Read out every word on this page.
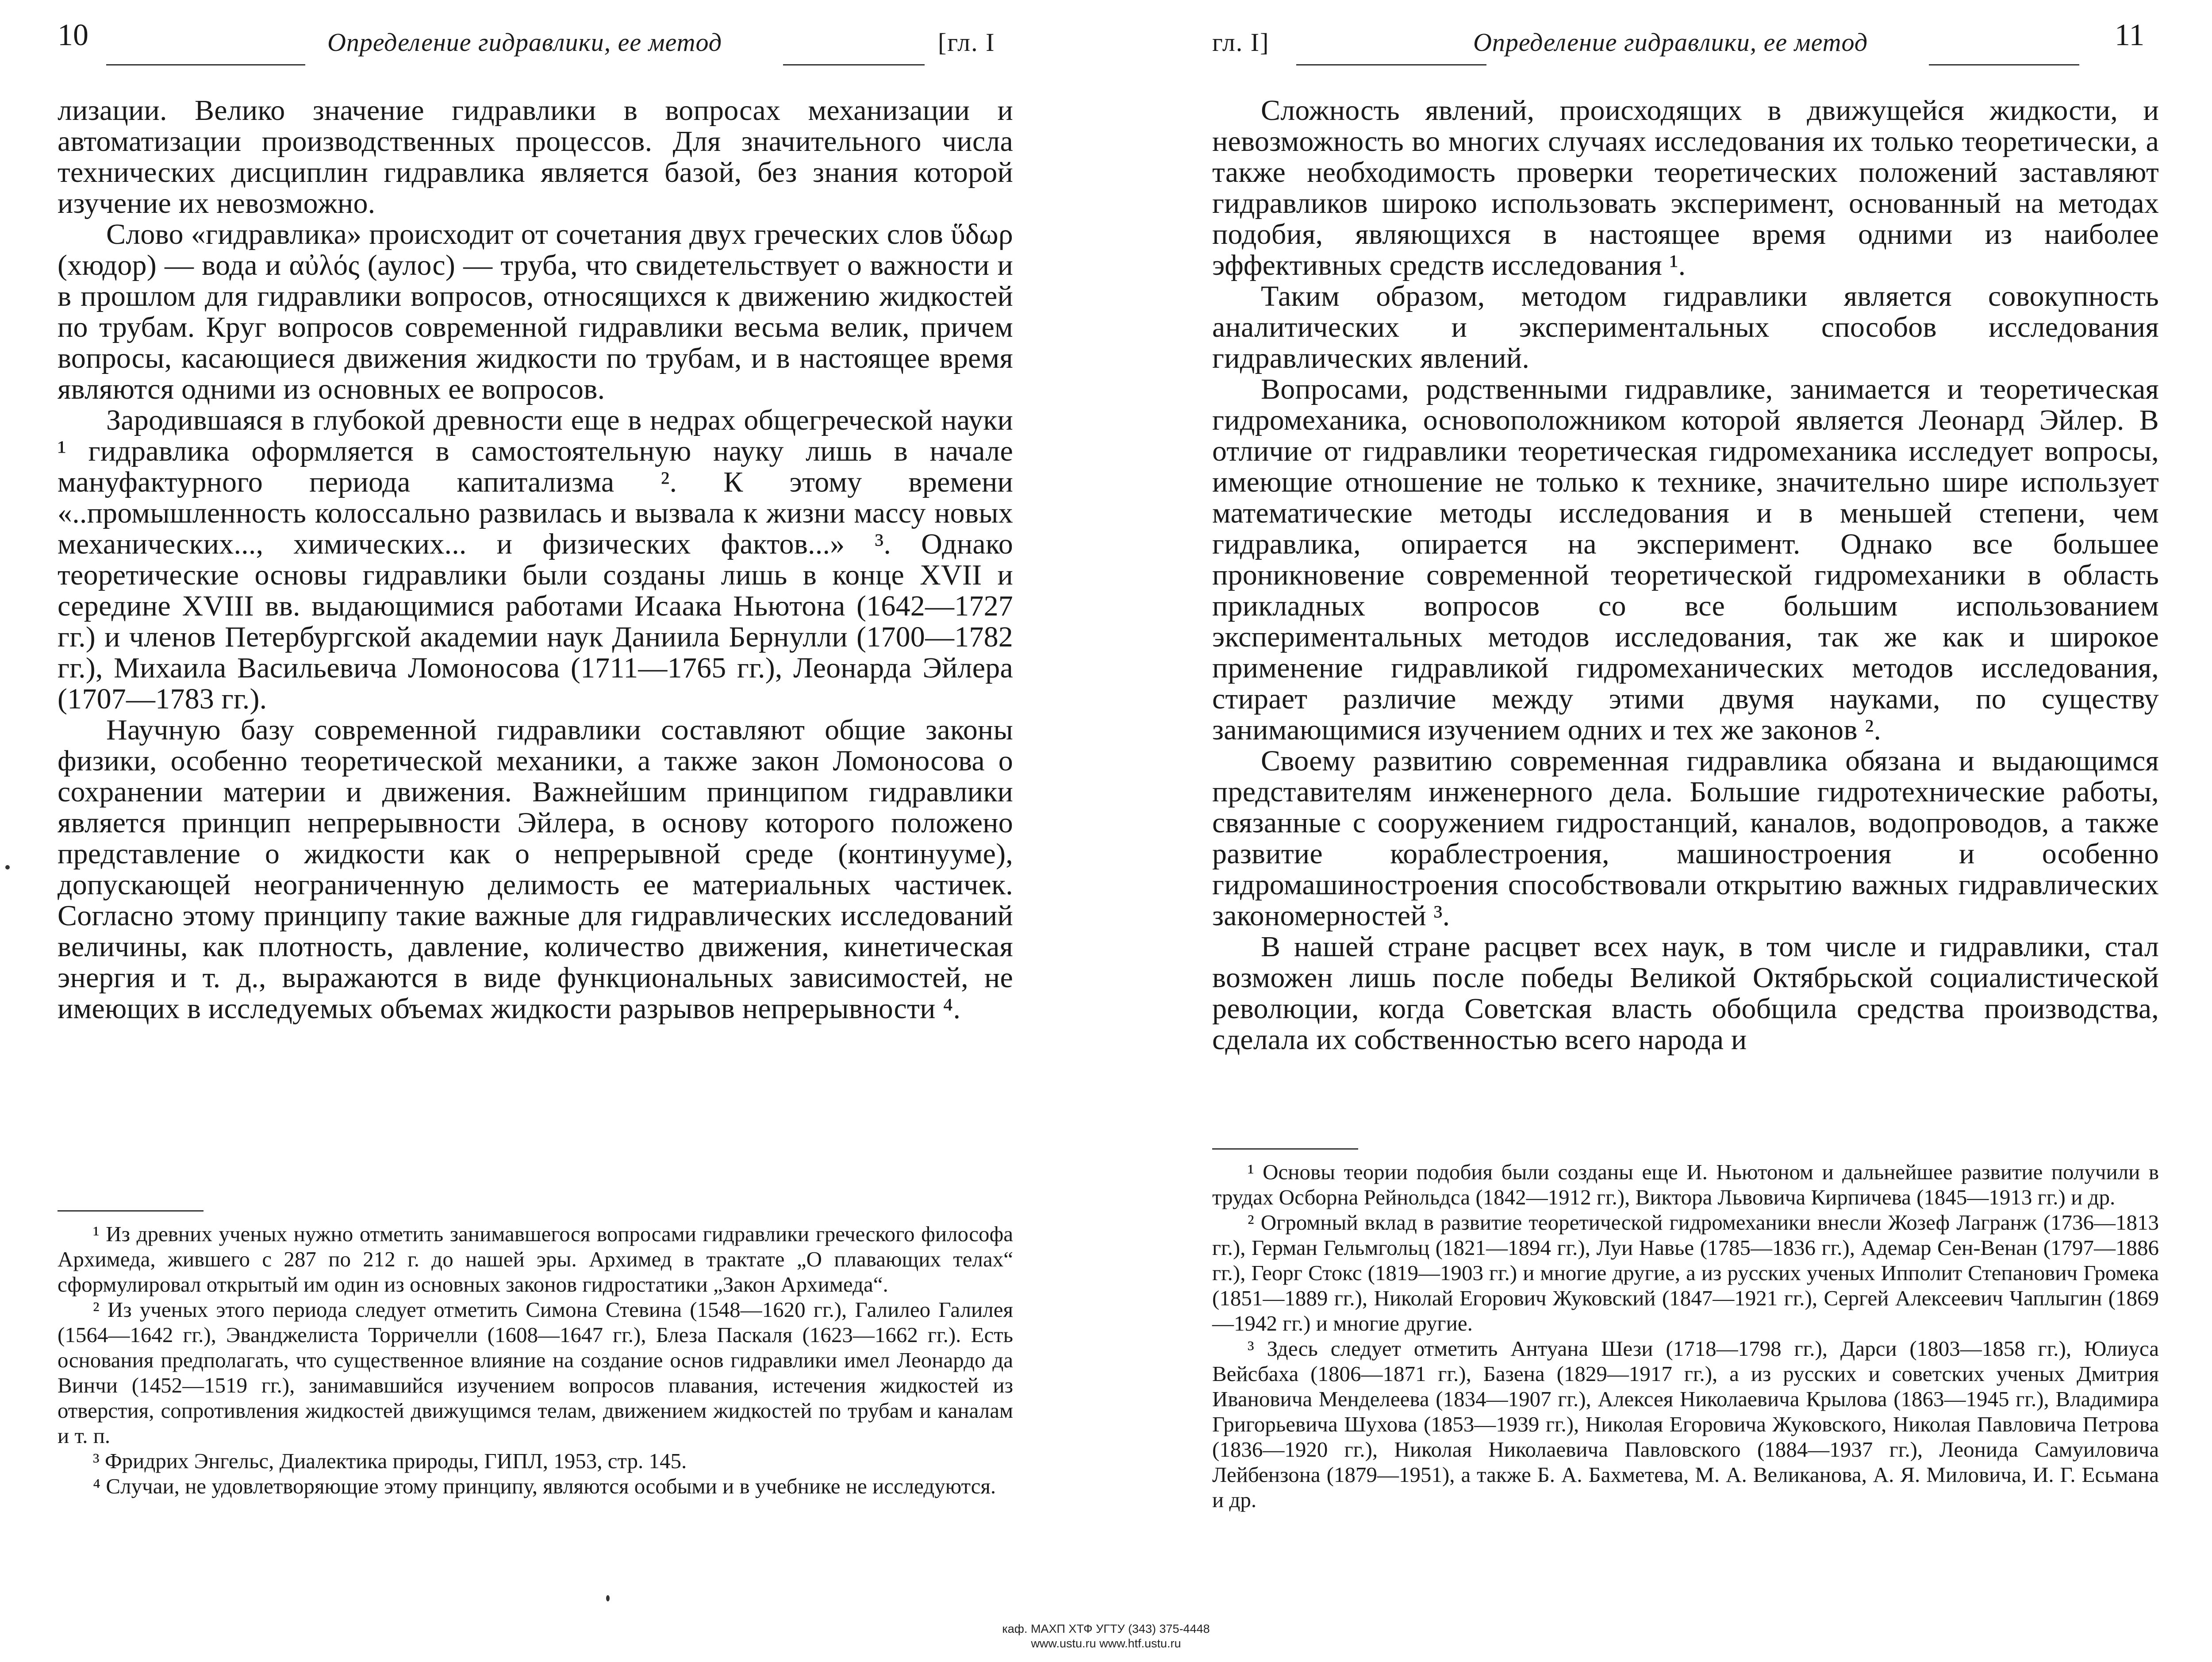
10	Определение гидравлики, ее метод	[гл. I

лизации. Велико значение гидравлики в вопросах механизации и автоматизации производственных процессов. Для значительного числа технических дисциплин гидравлика является базой, без знания которой изучение их невозможно.

Слово «гидравлика» происходит от сочетания двух греческих слов ὕδωρ (хюдор) — вода и αὐλός (аулос) — труба, что свидетельствует о важности и в прошлом для гидравлики вопросов, относящихся к движению жидкостей по трубам. Круг вопросов современной гидравлики весьма велик, причем вопросы, касающиеся движения жидкости по трубам, и в настоящее время являются одними из основных ее вопросов.

Зародившаяся в глубокой древности еще в недрах общегреческой науки ¹ гидравлика оформляется в самостоятельную науку лишь в начале мануфактурного периода капитализма ². К этому времени «..промышленность колоссально развилась и вызвала к жизни массу новых механических..., химических... и физических фактов...» ³. Однако теоретические основы гидравлики были созданы лишь в конце XVII и середине XVIII вв. выдающимися работами Исаака Ньютона (1642—1727 гг.) и членов Петербургской академии наук Даниила Бернулли (1700—1782 гг.), Михаила Васильевича Ломоносова (1711—1765 гг.), Леонарда Эйлера (1707—1783 гг.).

Научную базу современной гидравлики составляют общие законы физики, особенно теоретической механики, а также закон Ломоносова о сохранении материи и движения. Важнейшим принципом гидравлики является принцип непрерывности Эйлера, в основу которого положено представление о жидкости как о непрерывной среде (континууме), допускающей неограниченную делимость ее материальных частичек. Согласно этому принципу такие важные для гидравлических исследований величины, как плотность, давление, количество движения, кинетическая энергия и т. д., выражаются в виде функциональных зависимостей, не имеющих в исследуемых объемах жидкости разрывов непрерывности ⁴.

¹ Из древних ученых нужно отметить занимавшегося вопросами гидравлики греческого философа Архимеда, жившего с 287 по 212 г. до нашей эры. Архимед в трактате „О плавающих телах“ сформулировал открытый им один из основных законов гидростатики „Закон Архимеда“.

² Из ученых этого периода следует отметить Симона Стевина (1548—1620 гг.), Галилео Галилея (1564—1642 гг.), Эванджелиста Торричелли (1608—1647 гг.), Блеза Паскаля (1623—1662 гг.). Есть основания предполагать, что существенное влияние на создание основ гидравлики имел Леонардо да Винчи (1452—1519 гг.), занимавшийся изучением вопросов плавания, истечения жидкостей из отверстия, сопротивления жидкостей движущимся телам, движением жидкостей по трубам и каналам и т. п.

³ Фридрих Энгельс, Диалектика природы, ГИПЛ, 1953, стр. 145.

⁴ Случаи, не удовлетворяющие этому принципу, являются особыми и в учебнике не исследуются.

гл. I]	Определение гидравлики, ее метод	11

Сложность явлений, происходящих в движущейся жидкости, и невозможность во многих случаях исследования их только теоретически, а также необходимость проверки теоретических положений заставляют гидравликов широко использовать эксперимент, основанный на методах подобия, являющихся в настоящее время одними из наиболее эффективных средств исследования ¹.

Таким образом, методом гидравлики является совокупность аналитических и экспериментальных способов исследования гидравлических явлений.

Вопросами, родственными гидравлике, занимается и теоретическая гидромеханика, основоположником которой является Леонард Эйлер. В отличие от гидравлики теоретическая гидромеханика исследует вопросы, имеющие отношение не только к технике, значительно шире использует математические методы исследования и в меньшей степени, чем гидравлика, опирается на эксперимент. Однако все большее проникновение современной теоретической гидромеханики в область прикладных вопросов со все большим использованием экспериментальных методов исследования, так же как и широкое применение гидравликой гидромеханических методов исследования, стирает различие между этими двумя науками, по существу занимающимися изучением одних и тех же законов ².

Своему развитию современная гидравлика обязана и выдающимся представителям инженерного дела. Большие гидротехнические работы, связанные с сооружением гидростанций, каналов, водопроводов, а также развитие кораблестроения, машиностроения и особенно гидромашиностроения способствовали открытию важных гидравлических закономерностей ³.

В нашей стране расцвет всех наук, в том числе и гидравлики, стал возможен лишь после победы Великой Октябрьской социалистической революции, когда Советская власть обобщила средства производства, сделала их собственностью всего народа и

¹ Основы теории подобия были созданы еще И. Ньютоном и дальнейшее развитие получили в трудах Осборна Рейнольдса (1842—1912 гг.), Виктора Львовича Кирпичева (1845—1913 гг.) и др.

² Огромный вклад в развитие теоретической гидромеханики внесли Жозеф Лагранж (1736—1813 гг.), Герман Гельмгольц (1821—1894 гг.), Луи Навье (1785—1836 гг.), Адемар Сен-Венан (1797—1886 гг.), Георг Стокс (1819—1903 гг.) и многие другие, а из русских ученых Ипполит Степанович Громека (1851—1889 гг.), Николай Егорович Жуковский (1847—1921 гг.), Сергей Алексеевич Чаплыгин (1869—1942 гг.) и многие другие.

³ Здесь следует отметить Антуана Шези (1718—1798 гг.), Дарси (1803—1858 гг.), Юлиуса Вейсбаха (1806—1871 гг.), Базена (1829—1917 гг.), а из русских и советских ученых Дмитрия Ивановича Менделеева (1834—1907 гг.), Алексея Николаевича Крылова (1863—1945 гг.), Владимира Григорьевича Шухова (1853—1939 гг.), Николая Егоровича Жуковского, Николая Павловича Петрова (1836—1920 гг.), Николая Николаевича Павловского (1884—1937 гг.), Леонида Самуиловича Лейбензона (1879—1951), а также Б. А. Бахметева, М. А. Великанова, А. Я. Миловича, И. Г. Есьмана и др.

каф. МАХП ХТФ УГТУ (343) 375-4448
www.ustu.ru www.htf.ustu.ru
